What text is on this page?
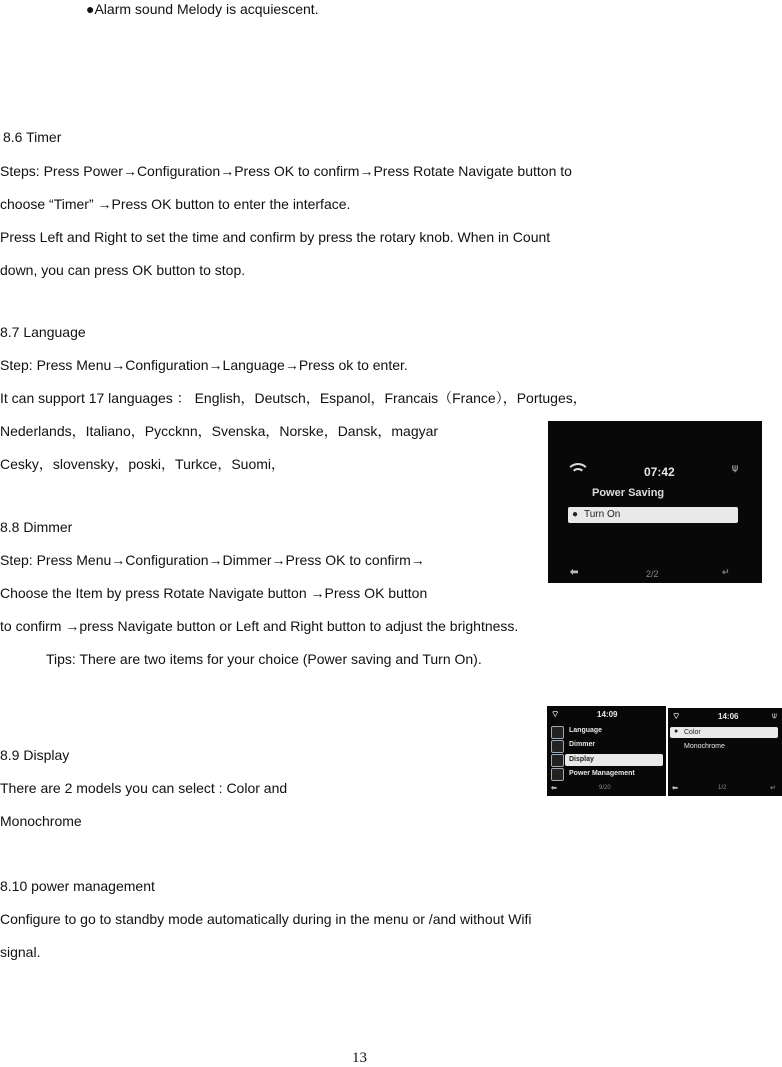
●Alarm sound Melody is acquiescent.
8.6 Timer
Steps: Press Power→Configuration→Press OK to confirm→Press Rotate Navigate button to
choose “Timer” →Press OK button to enter the interface.
Press Left and Right to set the time and confirm by press the rotary knob. When in Count
down, you can press OK button to stop.
8.7 Language
Step: Press Menu→Configuration→Language→Press ok to enter.
It can support 17 languages ： English，Deutsch，Espanol，Francais（France），Portuges，
Nederlands，Italiano，Pyccknn，Svenska，Norske，Dansk，magyar
Cesky，slovensky，poski，Turkce，Suomi，
8.8 Dimmer
Step: Press Menu→Configuration→Dimmer→Press OK to confirm→
Choose the Item by press Rotate Navigate button →Press OK button
to confirm →press Navigate button or Left and Right button to adjust the brightness.
Tips: There are two items for your choice (Power saving and Turn On).
8.9 Display
There are 2 models you can select : Color and
Monochrome
8.10 power management
Configure to go to standby mode automatically during in the menu or /and without Wifi
signal.
13
07:42	⍦
Power Saving
● Turn On
⬅	2/2	↵
⌔	14:09
Language
Dimmer
Display
Power Management
⬅	9/20
⌔	14:06	⍦
● Color
Monochrome
⬅	1/2	↵
